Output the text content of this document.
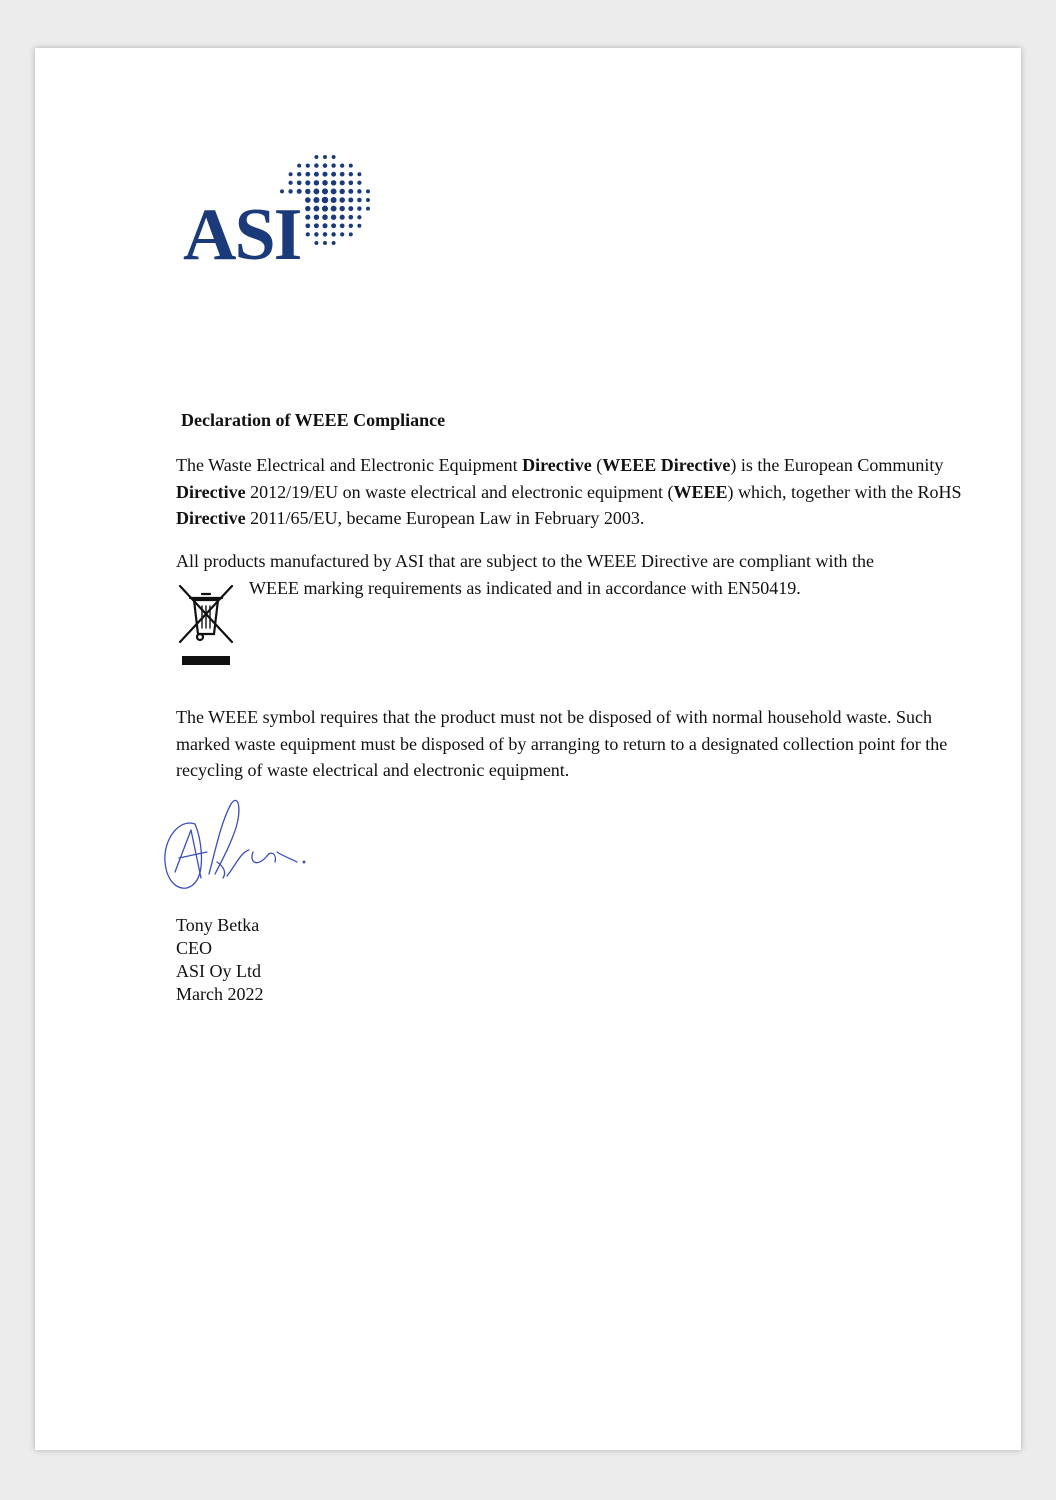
ASI

Declaration of WEEE Compliance

The Waste Electrical and Electronic Equipment Directive (WEEE Directive) is the European Community Directive 2012/19/EU on waste electrical and electronic equipment (WEEE) which, together with the RoHS Directive 2011/65/EU, became European Law in February 2003.

All products manufactured by ASI that are subject to the WEEE Directive are compliant with the

WEEE marking requirements as indicated and in accordance with EN50419.

The WEEE symbol requires that the product must not be disposed of with normal household waste. Such marked waste equipment must be disposed of by arranging to return to a designated collection point for the recycling of waste electrical and electronic equipment.

Tony Betka
CEO
ASI Oy Ltd
March 2022
